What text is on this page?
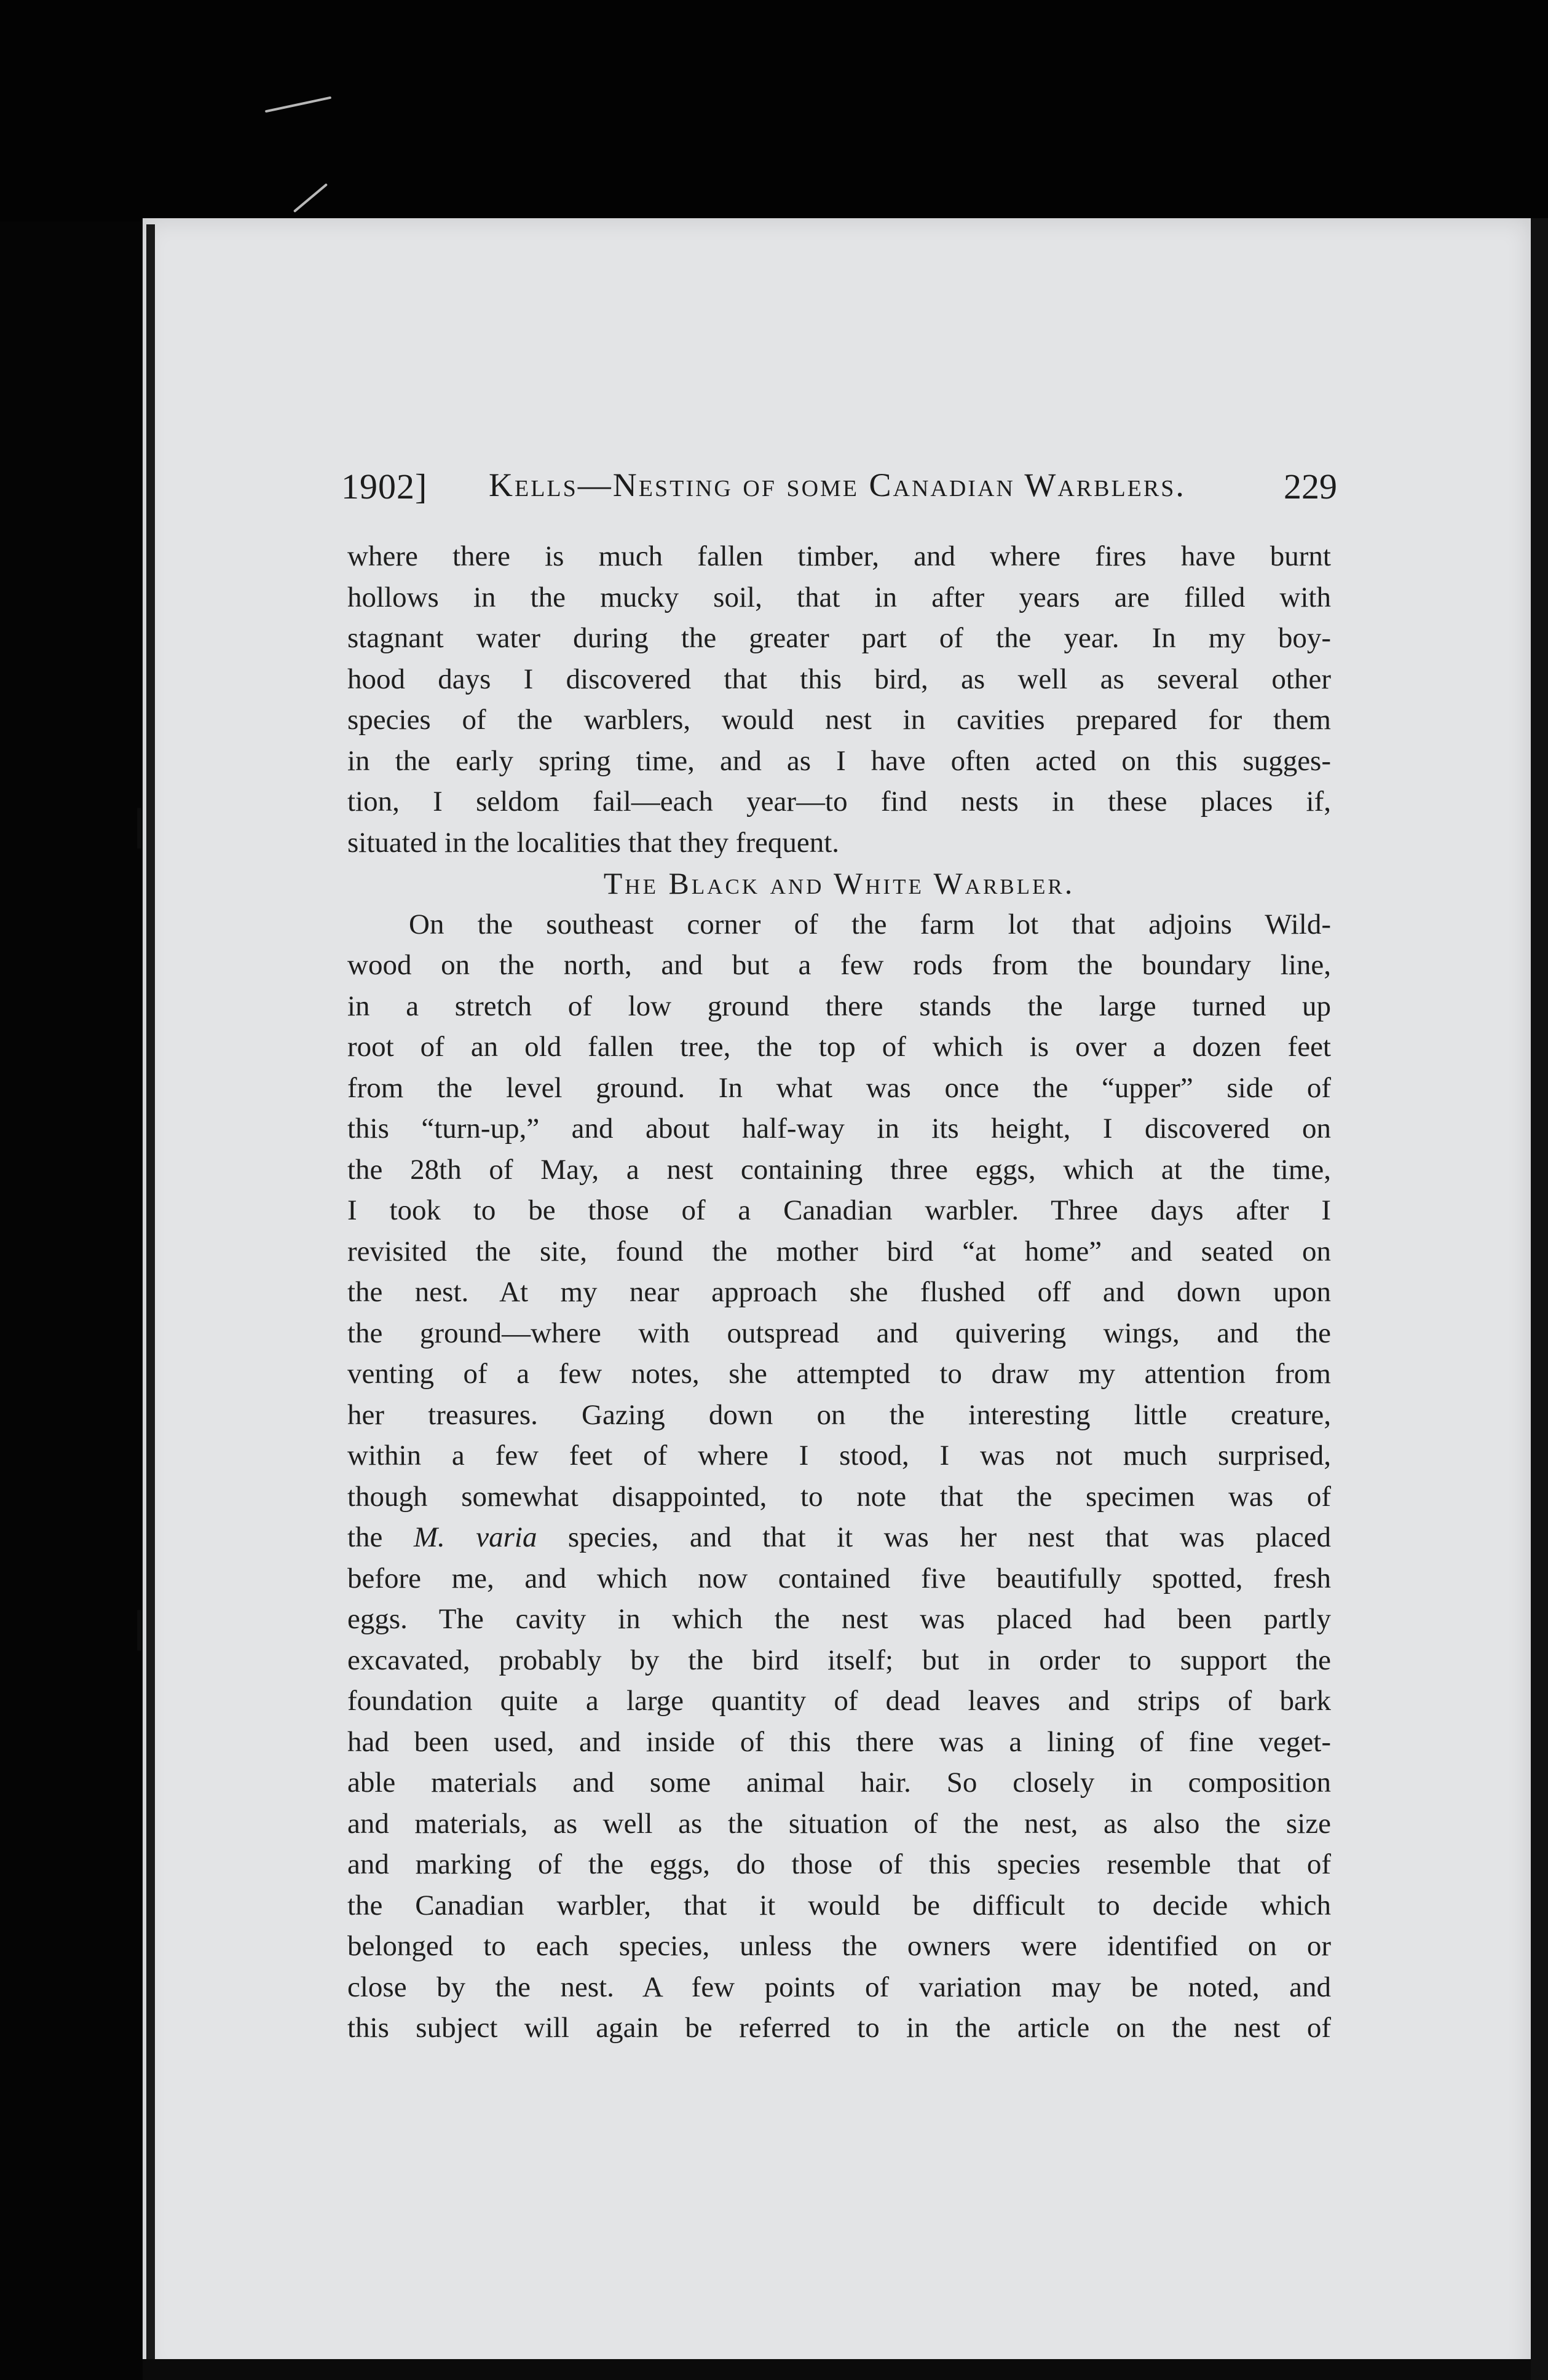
❘
❘
1902] Kells—Nesting of some Canadian Warblers.	229
where there is much fallen timber, and where fires have burnt
hollows in the mucky soil, that in after years are filled with
stagnant water during the greater part of the year. In my boy-
hood days I discovered that this bird, as well as several other
species of the warblers, would nest in cavities prepared for them
in the early spring time, and as I have often acted on this sugges-
tion, I seldom fail—each year—to find nests in these places if,
situated in the localities that they frequent.
The Black and White Warbler.
On the southeast corner of the farm lot that adjoins Wild-
wood on the north, and but a few rods from the boundary line,
in a stretch of low ground there stands the large turned up
root of an old fallen tree, the top of which is over a dozen feet
from the level ground. In what was once the “upper” side of
this “turn-up,” and about half-way in its height, I discovered on
the 28th of May, a nest containing three eggs, which at the time,
I took to be those of a Canadian warbler. Three days after I
revisited the site, found the mother bird “at home” and seated on
the nest. At my near approach she flushed off and down upon
the ground—where with outspread and quivering wings, and the
venting of a few notes, she attempted to draw my attention from
her treasures. Gazing down on the interesting little creature,
within a few feet of where I stood, I was not much surprised,
though somewhat disappointed, to note that the specimen was of
the M. varia species, and that it was her nest that was placed
before me, and which now contained five beautifully spotted, fresh
eggs. The cavity in which the nest was placed had been partly
excavated, probably by the bird itself; but in order to support the
foundation quite a large quantity of dead leaves and strips of bark
had been used, and inside of this there was a lining of fine veget-
able materials and some animal hair. So closely in composition
and materials, as well as the situation of the nest, as also the size
and marking of the eggs, do those of this species resemble that of
the Canadian warbler, that it would be difficult to decide which
belonged to each species, unless the owners were identified on or
close by the nest. A few points of variation may be noted, and
this subject will again be referred to in the article on the nest of
